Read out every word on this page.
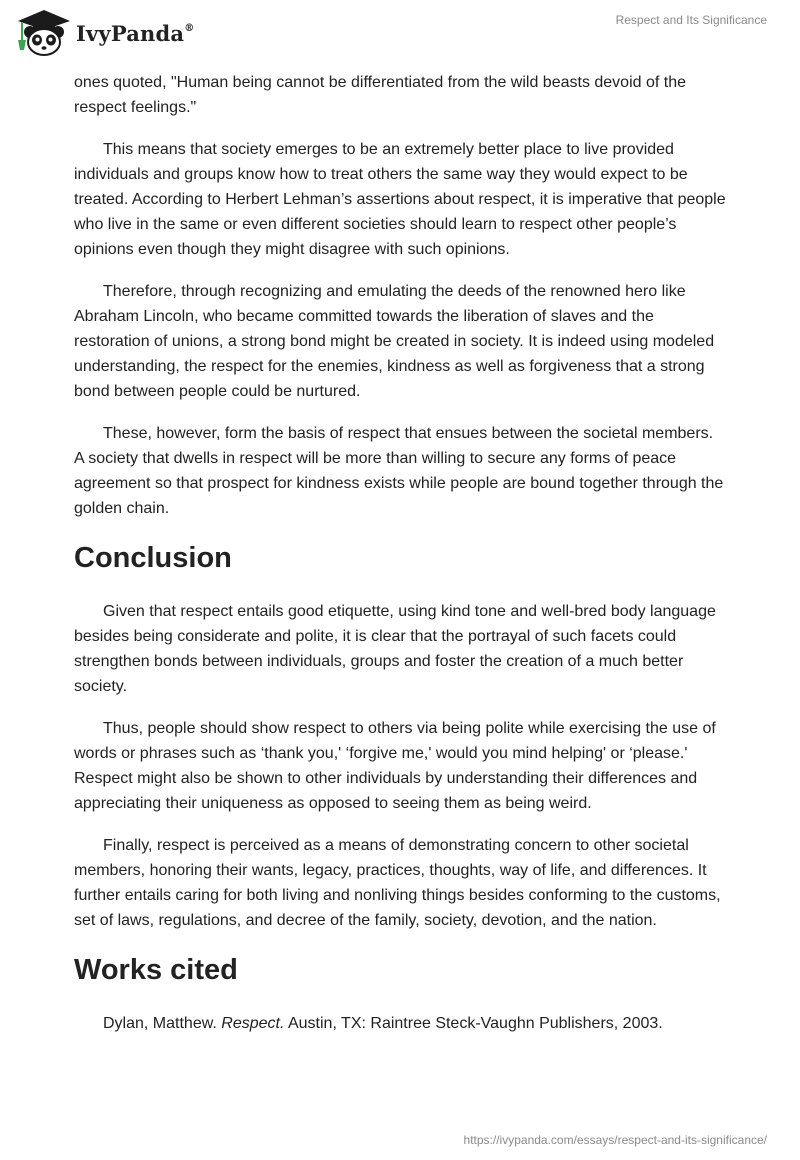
IvyPanda®
Respect and Its Significance

ones quoted, "Human being cannot be differentiated from the wild beasts devoid of the respect feelings."

This means that society emerges to be an extremely better place to live provided individuals and groups know how to treat others the same way they would expect to be treated. According to Herbert Lehman’s assertions about respect, it is imperative that people who live in the same or even different societies should learn to respect other people’s opinions even though they might disagree with such opinions.

Therefore, through recognizing and emulating the deeds of the renowned hero like Abraham Lincoln, who became committed towards the liberation of slaves and the restoration of unions, a strong bond might be created in society. It is indeed using modeled understanding, the respect for the enemies, kindness as well as forgiveness that a strong bond between people could be nurtured.

These, however, form the basis of respect that ensues between the societal members. A society that dwells in respect will be more than willing to secure any forms of peace agreement so that prospect for kindness exists while people are bound together through the golden chain.

Conclusion

Given that respect entails good etiquette, using kind tone and well-bred body language besides being considerate and polite, it is clear that the portrayal of such facets could strengthen bonds between individuals, groups and foster the creation of a much better society.

Thus, people should show respect to others via being polite while exercising the use of words or phrases such as ‘thank you,' ‘forgive me,' would you mind helping' or ‘please.' Respect might also be shown to other individuals by understanding their differences and appreciating their uniqueness as opposed to seeing them as being weird.

Finally, respect is perceived as a means of demonstrating concern to other societal members, honoring their wants, legacy, practices, thoughts, way of life, and differences. It further entails caring for both living and nonliving things besides conforming to the customs, set of laws, regulations, and decree of the family, society, devotion, and the nation.

Works cited

Dylan, Matthew. Respect. Austin, TX: Raintree Steck-Vaughn Publishers, 2003.

https://ivypanda.com/essays/respect-and-its-significance/
